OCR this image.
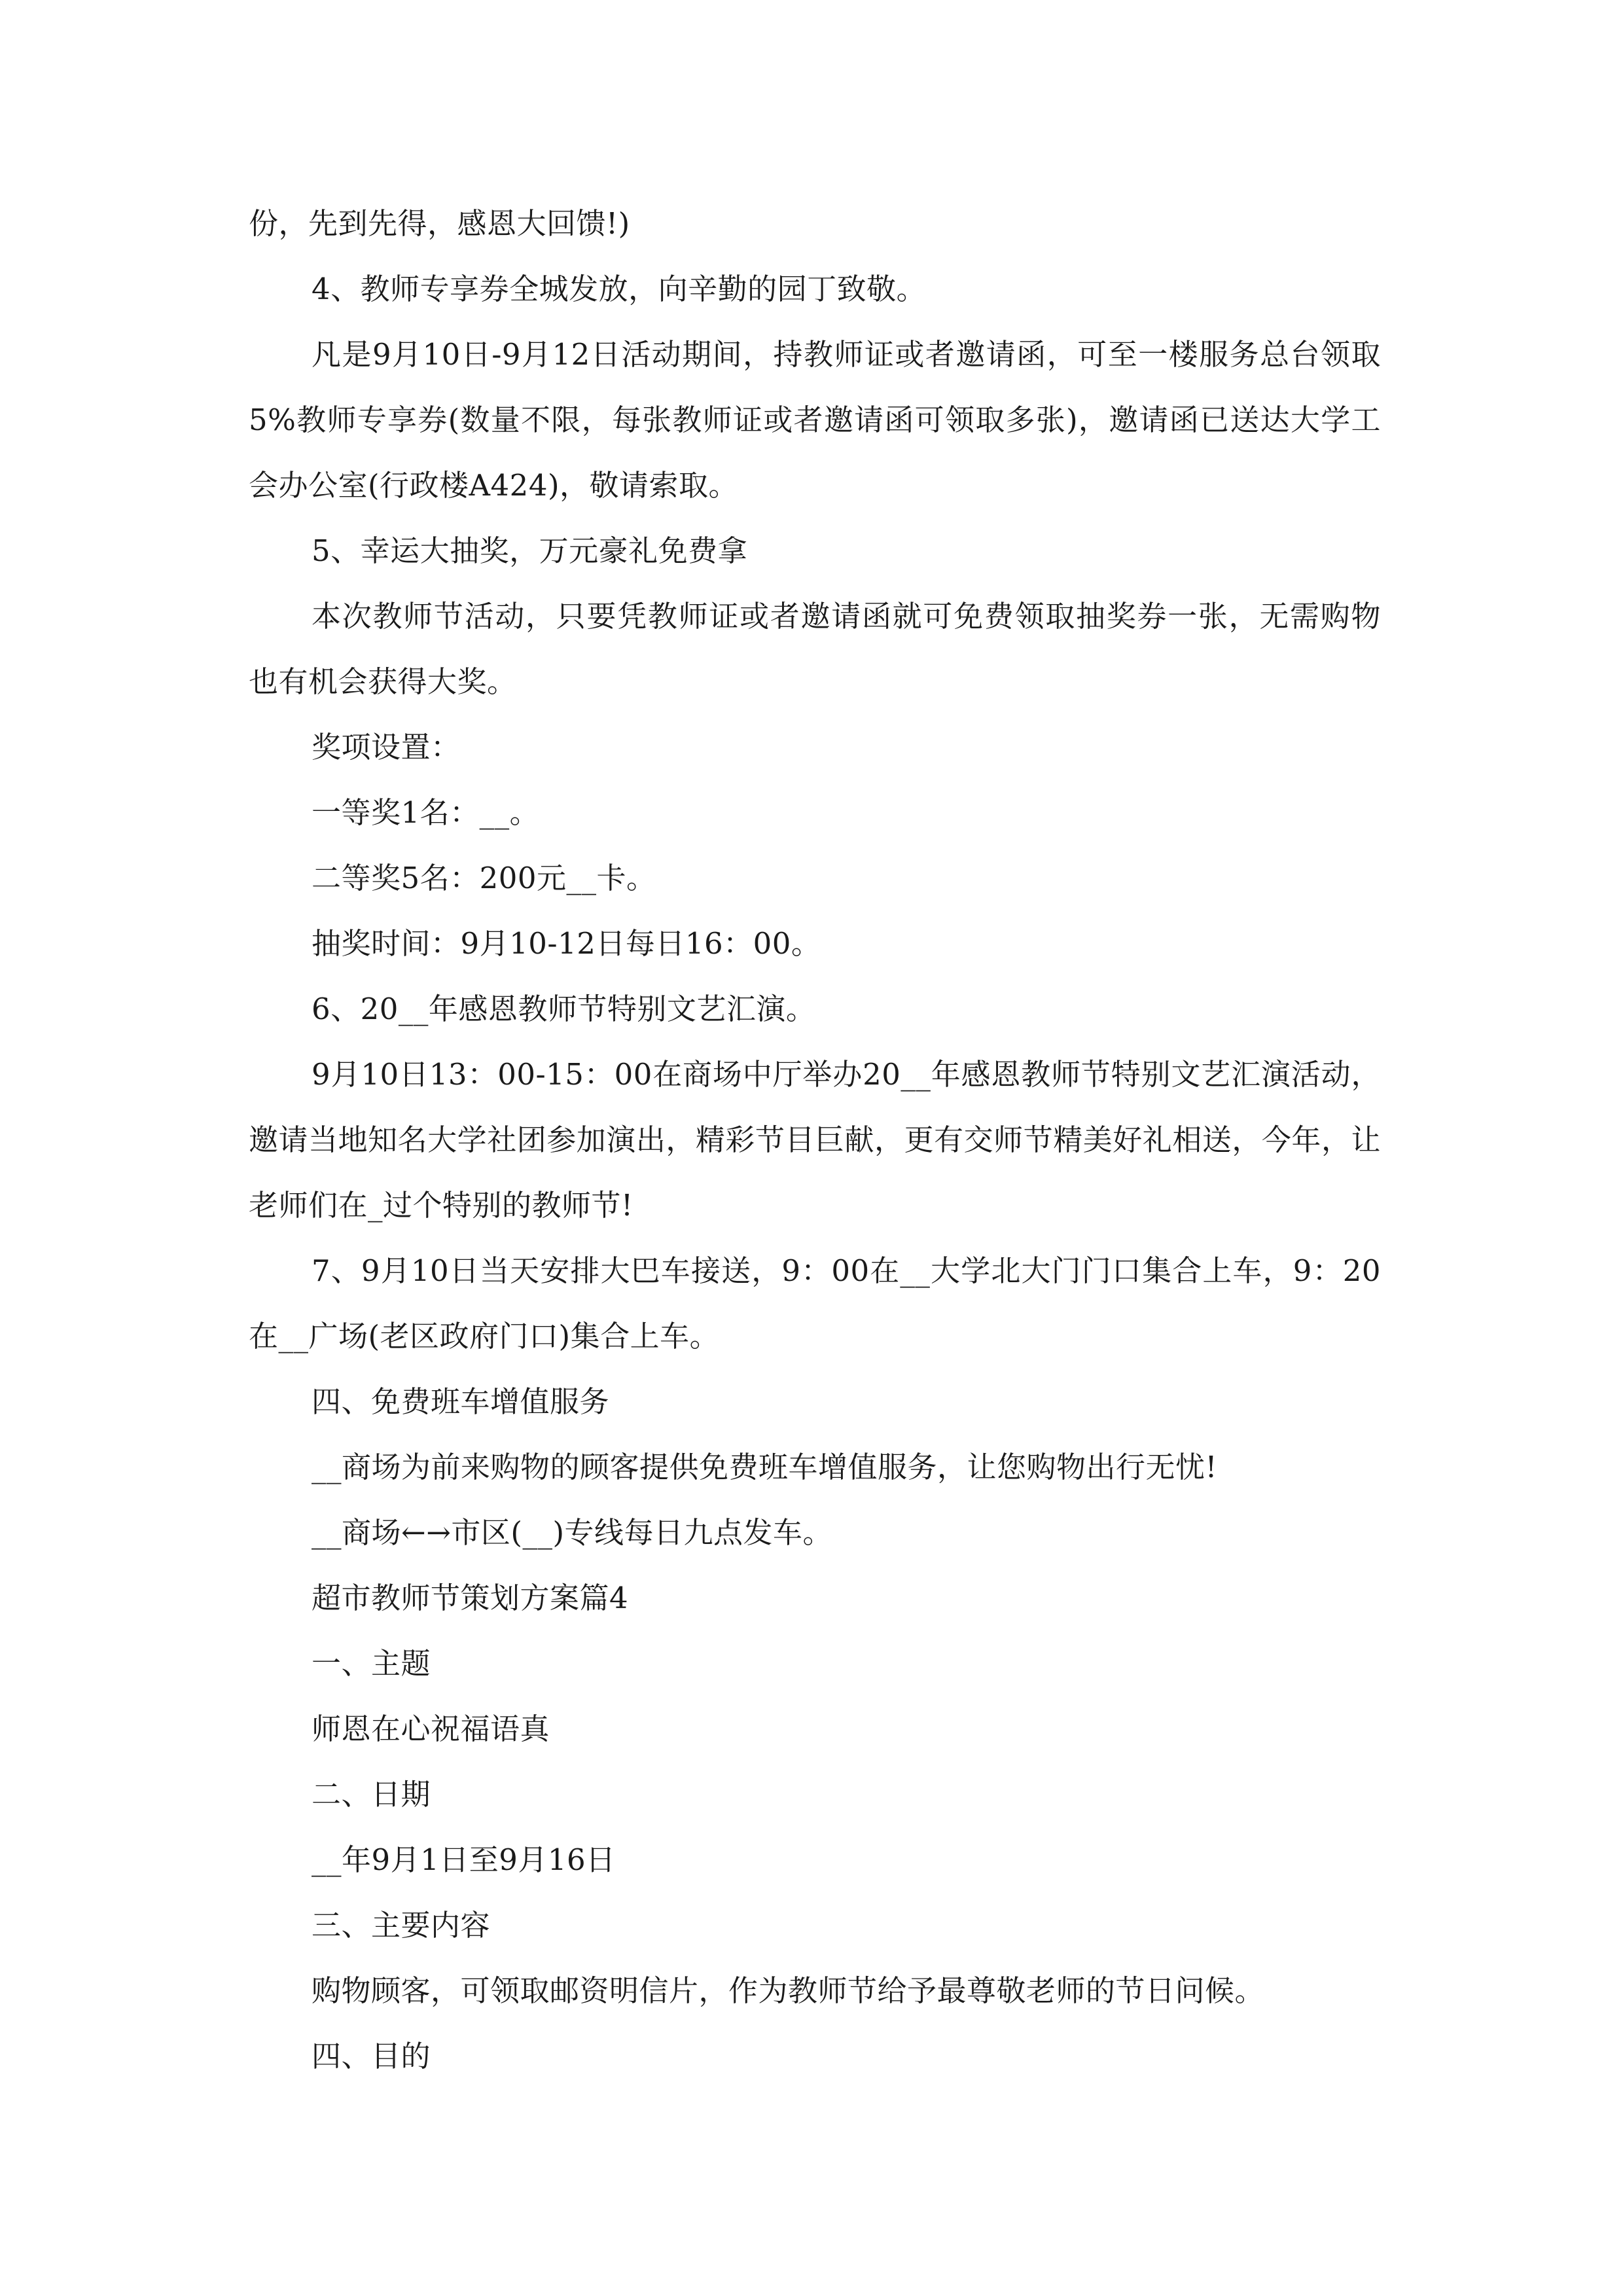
份，先到先得，感恩大回馈!)

4、教师专享券全城发放，向辛勤的园丁致敬。

凡是9月10日-9月12日活动期间，持教师证或者邀请函，可至一楼服务总台领取5%教师专享券(数量不限，每张教师证或者邀请函可领取多张)，邀请函已送达大学工会办公室(行政楼A424)，敬请索取。

5、幸运大抽奖，万元豪礼免费拿

本次教师节活动，只要凭教师证或者邀请函就可免费领取抽奖券一张，无需购物也有机会获得大奖。

奖项设置：

一等奖1名：__。

二等奖5名：200元__卡。

抽奖时间：9月10-12日每日16：00。

6、20__年感恩教师节特别文艺汇演。

9月10日13：00-15：00在商场中厅举办20__年感恩教师节特别文艺汇演活动，邀请当地知名大学社团参加演出，精彩节目巨献，更有交师节精美好礼相送，今年，让老师们在_过个特别的教师节!

7、9月10日当天安排大巴车接送，9：00在__大学北大门门口集合上车，9：20在__广场(老区政府门口)集合上车。

四、免费班车增值服务

__商场为前来购物的顾客提供免费班车增值服务，让您购物出行无忧!

__商场←→市区(__)专线每日九点发车。

超市教师节策划方案篇4

一、主题

师恩在心祝福语真

二、日期

__年9月1日至9月16日

三、主要内容

购物顾客，可领取邮资明信片，作为教师节给予最尊敬老师的节日问候。

四、目的
